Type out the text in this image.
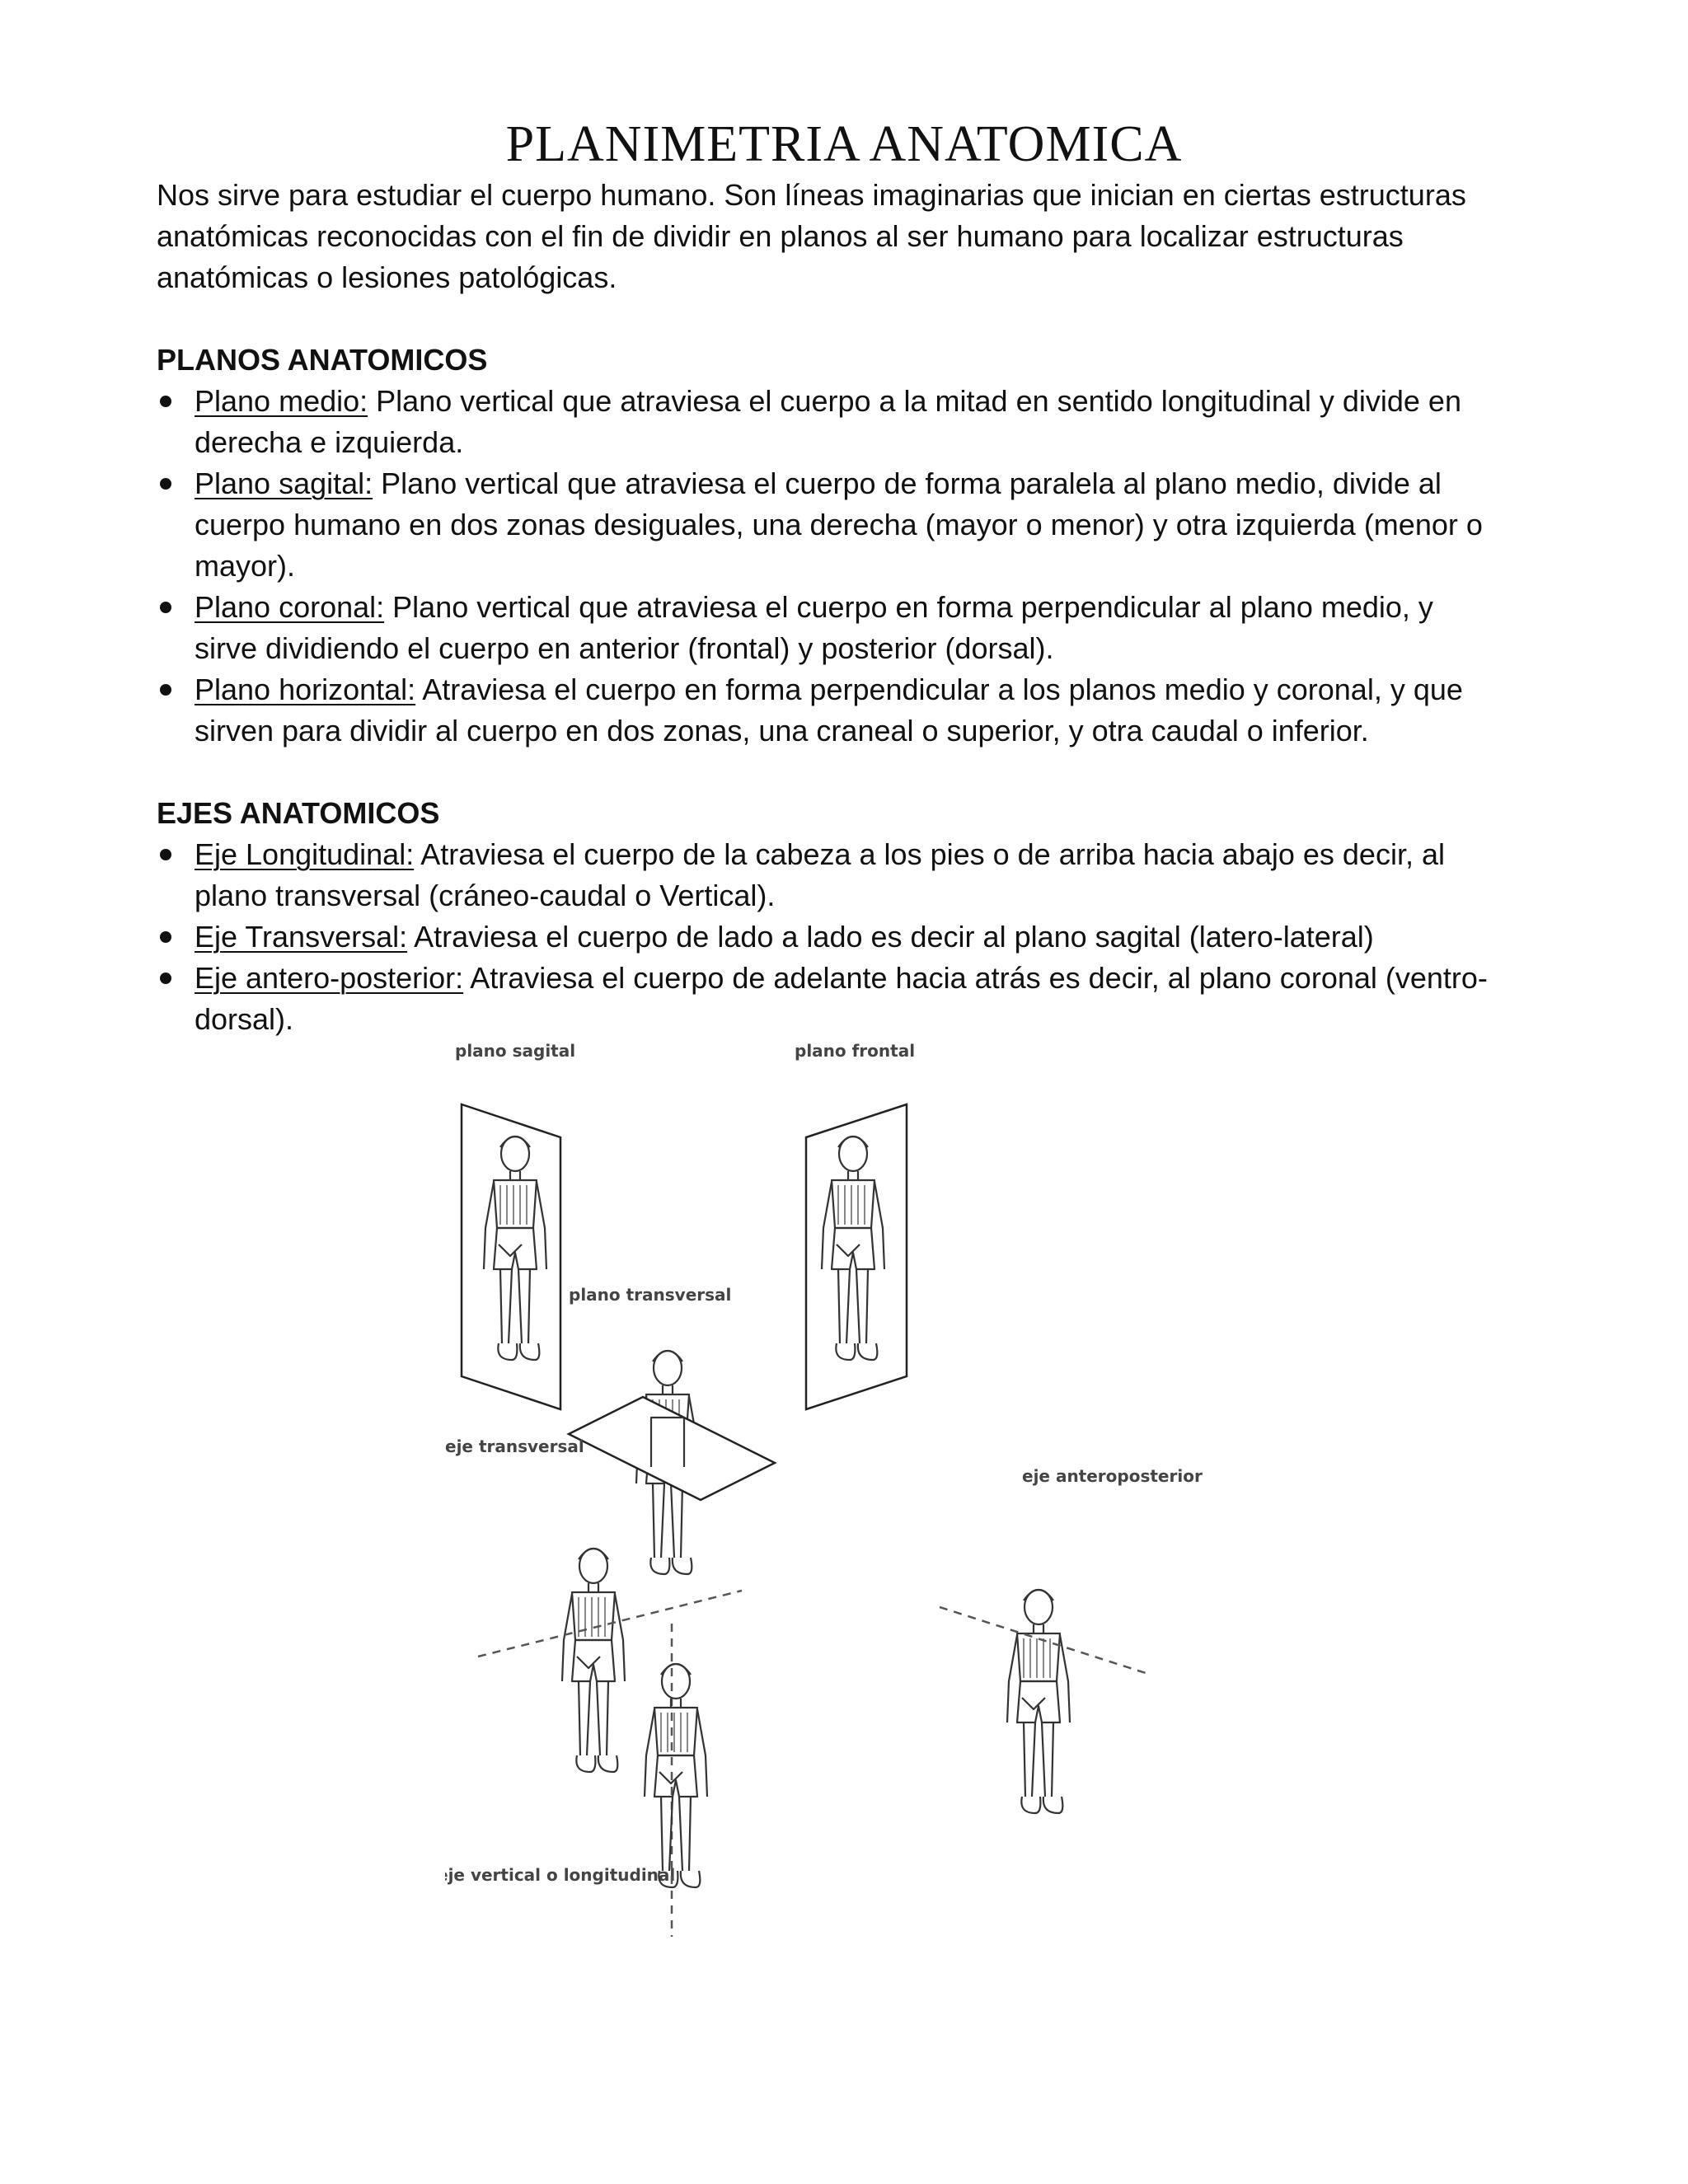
PLANIMETRIA ANATOMICA

Nos sirve para estudiar el cuerpo humano. Son líneas imaginarias que inician en ciertas estructuras
anatómicas reconocidas con el fin de dividir en planos al ser humano para localizar estructuras
anatómicas o lesiones patológicas.

PLANOS ANATOMICOS

Plano medio: Plano vertical que atraviesa el cuerpo a la mitad en sentido longitudinal y divide en
derecha e izquierda.
Plano sagital: Plano vertical que atraviesa el cuerpo de forma paralela al plano medio, divide al
cuerpo humano en dos zonas desiguales, una derecha (mayor o menor) y otra izquierda (menor o
mayor).
Plano coronal: Plano vertical que atraviesa el cuerpo en forma perpendicular al plano medio, y
sirve dividiendo el cuerpo en anterior (frontal) y posterior (dorsal).
Plano horizontal: Atraviesa el cuerpo en forma perpendicular a los planos medio y coronal, y que
sirven para dividir al cuerpo en dos zonas, una craneal o superior, y otra caudal o inferior.

EJES ANATOMICOS

Eje Longitudinal: Atraviesa el cuerpo de la cabeza a los pies o de arriba hacia abajo es decir, al
plano transversal (cráneo-caudal o Vertical).
Eje Transversal: Atraviesa el cuerpo de lado a lado es decir al plano sagital (latero-lateral)
Eje antero-posterior: Atraviesa el cuerpo de adelante hacia atrás es decir, al plano coronal (ventro-
dorsal).
plano sagital	plano frontal
plano transversal
eje transversal
eje anteroposterior
eje vertical o longitudinal
